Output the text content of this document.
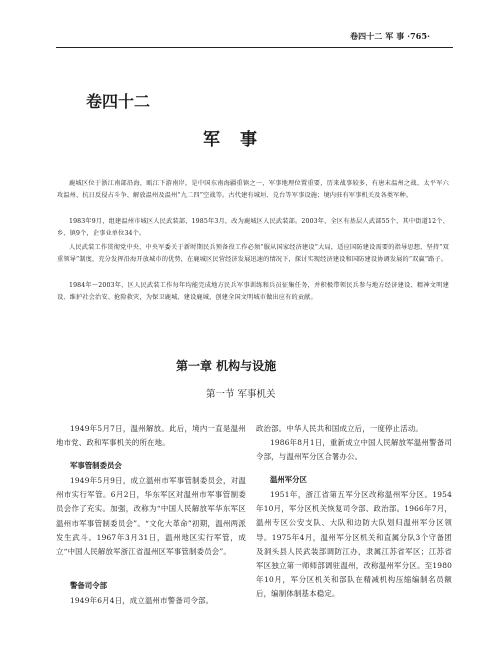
卷四十二 军 事 ·765·
卷四十二
军事

鹿城区位于浙江南部沿海，瓯江下游南岸，是中国东南海疆重镇之一，军事地理位置重要，历来战事较多，有唐末温州之战、太平军六攻温州、抗日反侵占斗争、解放温州及温州“九二四”空战等。古代建有城垣、兑台等军事设施；境内驻有军事机关及各类军种。

1983年9月，组建温州市城区人民武装部，1985年3月，改为鹿城区人民武装部。2003年，全区有基层人武部55个，其中街道12个、乡、镇9个，企事业单位34个。

人民武装工作贯彻党中央、中央军委关于新时期民兵预备役工作必须“服从国家经济建设”大局，适应国防建设需要的指导思想，坚持“双重领导”制度，充分发挥沿海开放城市的优势，在鹿城区民营经济发展迅速的情况下，探讨实现经济建设和国防建设协调发展的“双赢”路子。

1984年～2003年，区人民武装工作每年均能完成地方民兵军事训练和兵员征集任务，并积极带领民兵参与地方经济建设、精神文明建设、维护社会治安、抢险救灾，为保卫鹿城、建设鹿城，创建全国文明城市做出应有的贡献。

第一章 机构与设施
第一节 军事机关

1949年5月7日，温州解放。此后，境内一直是温州地市党、政和军事机关的所在地。

军事管制委员会

1949年5月9日，成立温州市军事管制委员会，对温州市实行军管。6月2日，华东军区对温州市军事管制委员会作了充实。加强，改称为“中国人民解放军华东军区温州市军事管制委员会”。“文化大革命”初期，温州两派发生武斗。1967年3月31日，温州地区实行军管，成立“中国人民解放军浙江省温州区军事管制委员会”。

警备司令部

1949年6月4日，成立温州市警备司令部。

政治部。中华人民共和国成立后，一度停止活动。

1986年8月1日，重新成立中国人民解放军温州警备司令部，与温州军分区合署办公。

温州军分区

1951年，浙江省第五军分区改称温州军分区。1954年10月，军分区机关恢复司令部、政治部。1966年7月，温州专区公安支队、大队和边防大队划归温州军分区领导。1975年4月，温州军分区机关和直属分队3个守备团及洞头县人民武装部调防江办，隶属江苏省军区；江苏省军区独立第一师师部调驻温州，改称温州军分区。至1980年10月，军分区机关和部队在精减机构压缩编制名员额后，编制体制基本稳定。
